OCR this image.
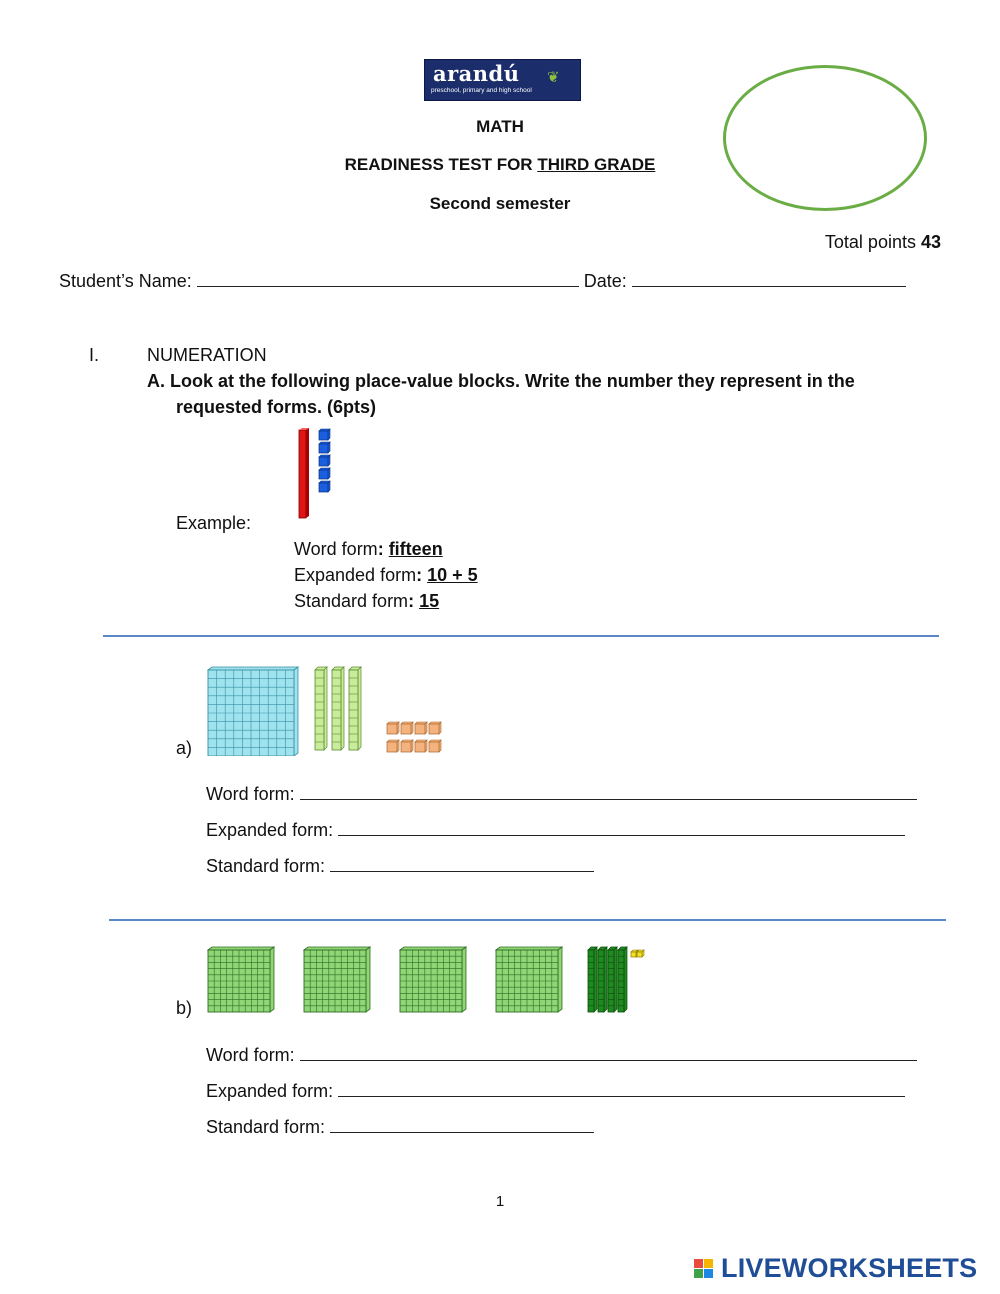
arandú ❦
preschool, primary and high school
MATH
READINESS TEST FOR THIRD GRADE
Second semester
Total points 43
Student’s Name:	Date:
I.	NUMERATION
A. Look at the following place-value blocks. Write the number they represent in the
requested forms. (6pts)
Example:
Word form: fifteen
Expanded form: 10 + 5
Standard form: 15
a)
Word form:
Expanded form:
Standard form:
b)
Word form:
Expanded form:
Standard form:
1
LIVEWORKSHEETS
